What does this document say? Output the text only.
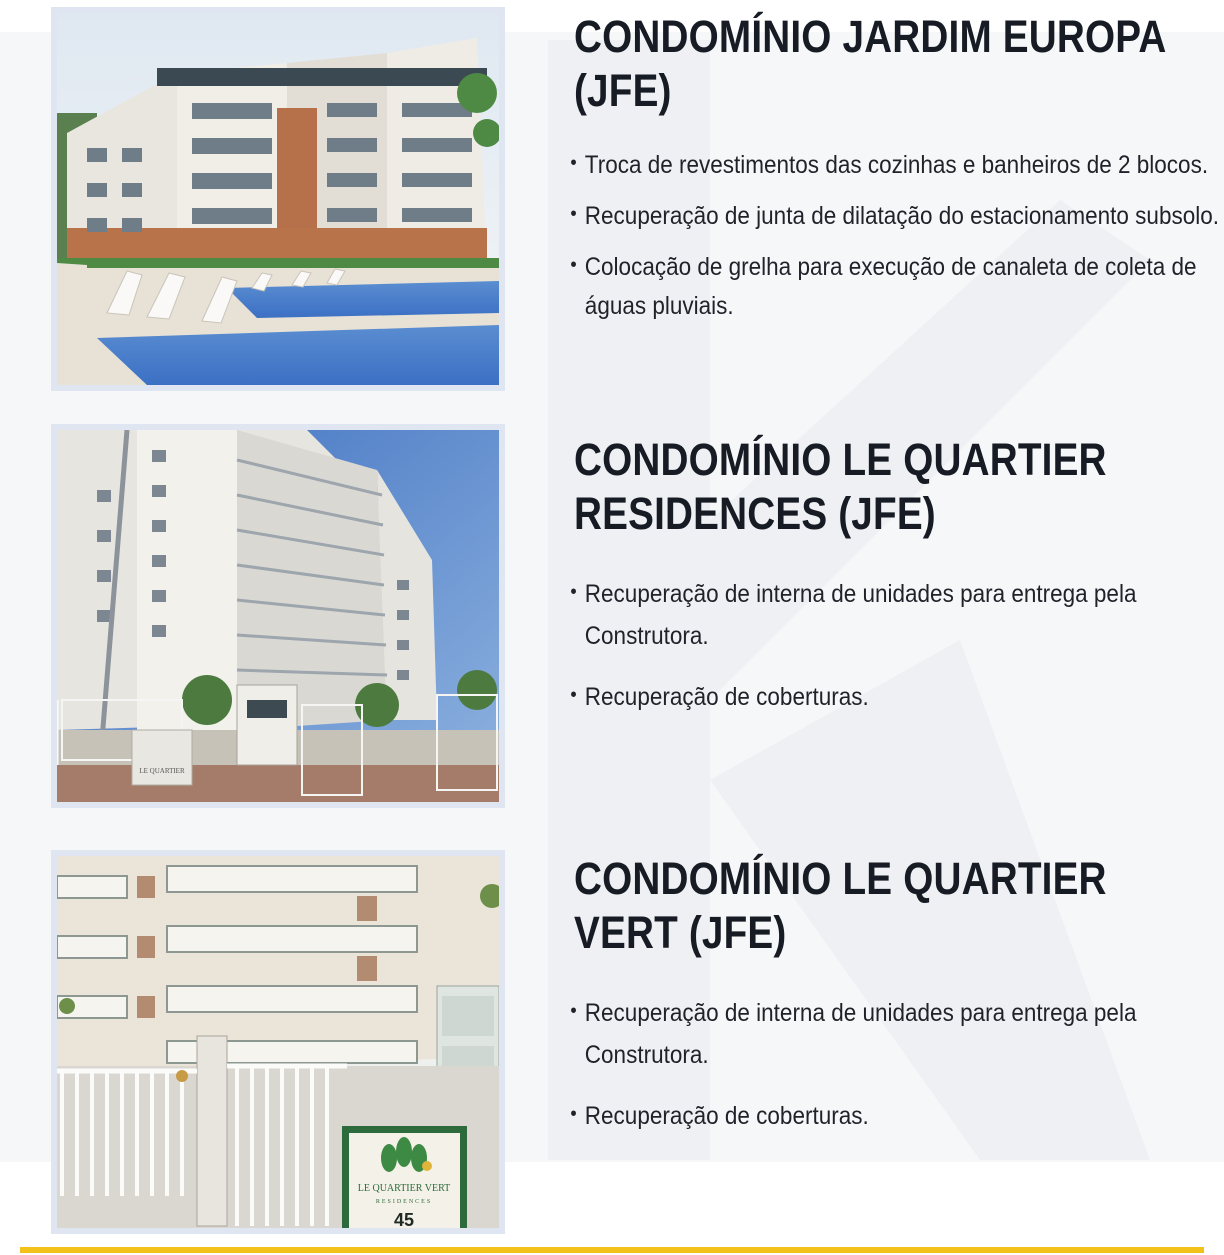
LE QUARTIER
LE QUARTIER VERT
RESIDENCES
45
CONDOMÍNIO JARDIM EUROPA (JFE)
• Troca de revestimentos das cozinhas e banheiros de 2 blocos.
• Recuperação de junta de dilatação do estacionamento subsolo.
• Colocação de grelha para execução de canaleta de coleta de águas pluviais.
CONDOMÍNIO LE QUARTIER RESIDENCES (JFE)
• Recuperação de interna de unidades para entrega pela Construtora.
• Recuperação de coberturas.
CONDOMÍNIO LE QUARTIER VERT (JFE)
• Recuperação de interna de unidades para entrega pela Construtora.
• Recuperação de coberturas.
